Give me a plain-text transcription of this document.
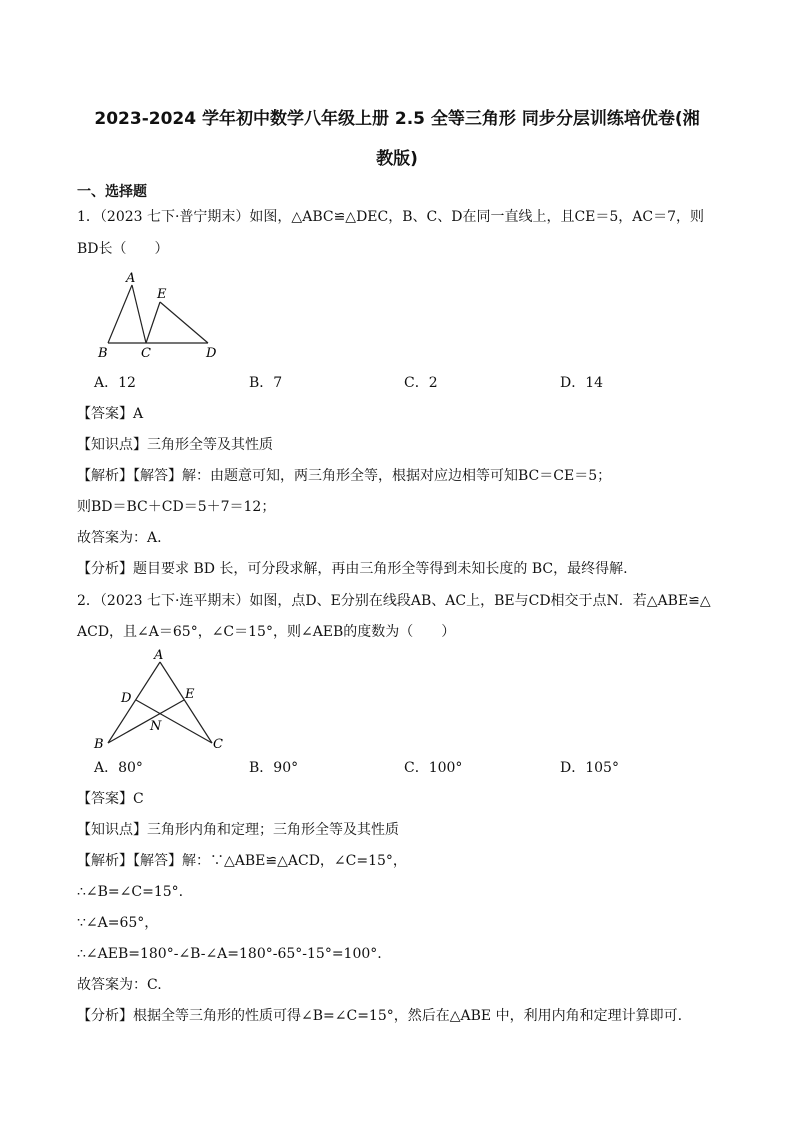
2023-2024 学年初中数学八年级上册 2.5 全等三角形 同步分层训练培优卷(湘
教版)
一、选择题
1．（2023 七下·普宁期末）如图，△ABC≌△DEC，B、C、D在同一直线上，且CE＝5，AC＝7，则
BD长（　　）
A
E
B	C	D
A．12	B．7	C．2	D．14
【答案】A
【知识点】三角形全等及其性质
【解析】【解答】解：由题意可知，两三角形全等，根据对应边相等可知BC＝CE＝5；
则BD＝BC＋CD＝5＋7＝12；
故答案为：A.
【分析】题目要求 BD 长，可分段求解，再由三角形全等得到未知长度的 BC，最终得解.
2．（2023 七下·连平期末）如图，点D、E分别在线段AB、AC上，BE与CD相交于点N．若△ABE≌△
ACD，且∠A＝65°，∠C＝15°，则∠AEB的度数为（　　）
A
D	E
N
B	C
A．80°	B．90°	C．100°	D．105°
【答案】C
【知识点】三角形内角和定理；三角形全等及其性质
【解析】【解答】解：∵△ABE≌△ACD，∠C=15°，
∴∠B=∠C=15°.
∵∠A=65°，
∴∠AEB=180°-∠B-∠A=180°-65°-15°=100°.
故答案为：C.
【分析】根据全等三角形的性质可得∠B=∠C=15°，然后在△ABE 中，利用内角和定理计算即可.
